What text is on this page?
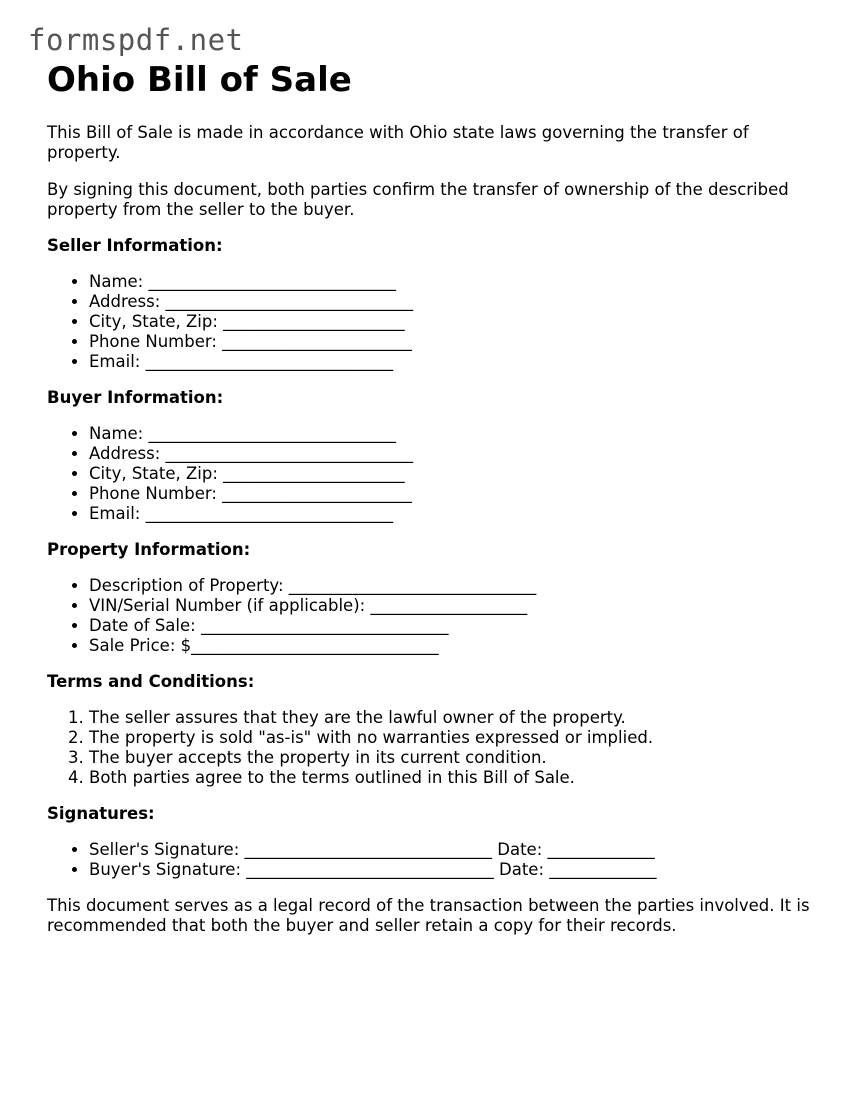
formspdf.net
Ohio Bill of Sale

This Bill of Sale is made in accordance with Ohio state laws governing the transfer of property.

By signing this document, both parties confirm the transfer of ownership of the described property from the seller to the buyer.

Seller Information:
• Name: ______________________________
• Address: ______________________________
• City, State, Zip: ______________________
• Phone Number: _______________________
• Email: ______________________________
Buyer Information:
• Name: ______________________________
• Address: ______________________________
• City, State, Zip: ______________________
• Phone Number: _______________________
• Email: ______________________________
Property Information:
• Description of Property: ______________________________
• VIN/Serial Number (if applicable): ___________________
• Date of Sale: ______________________________
• Sale Price: $______________________________
Terms and Conditions:
1. The seller assures that they are the lawful owner of the property.
2. The property is sold "as-is" with no warranties expressed or implied.
3. The buyer accepts the property in its current condition.
4. Both parties agree to the terms outlined in this Bill of Sale.
Signatures:
• Seller's Signature: ______________________________ Date: _____________
• Buyer's Signature: ______________________________ Date: _____________

This document serves as a legal record of the transaction between the parties involved. It is recommended that both the buyer and seller retain a copy for their records.
